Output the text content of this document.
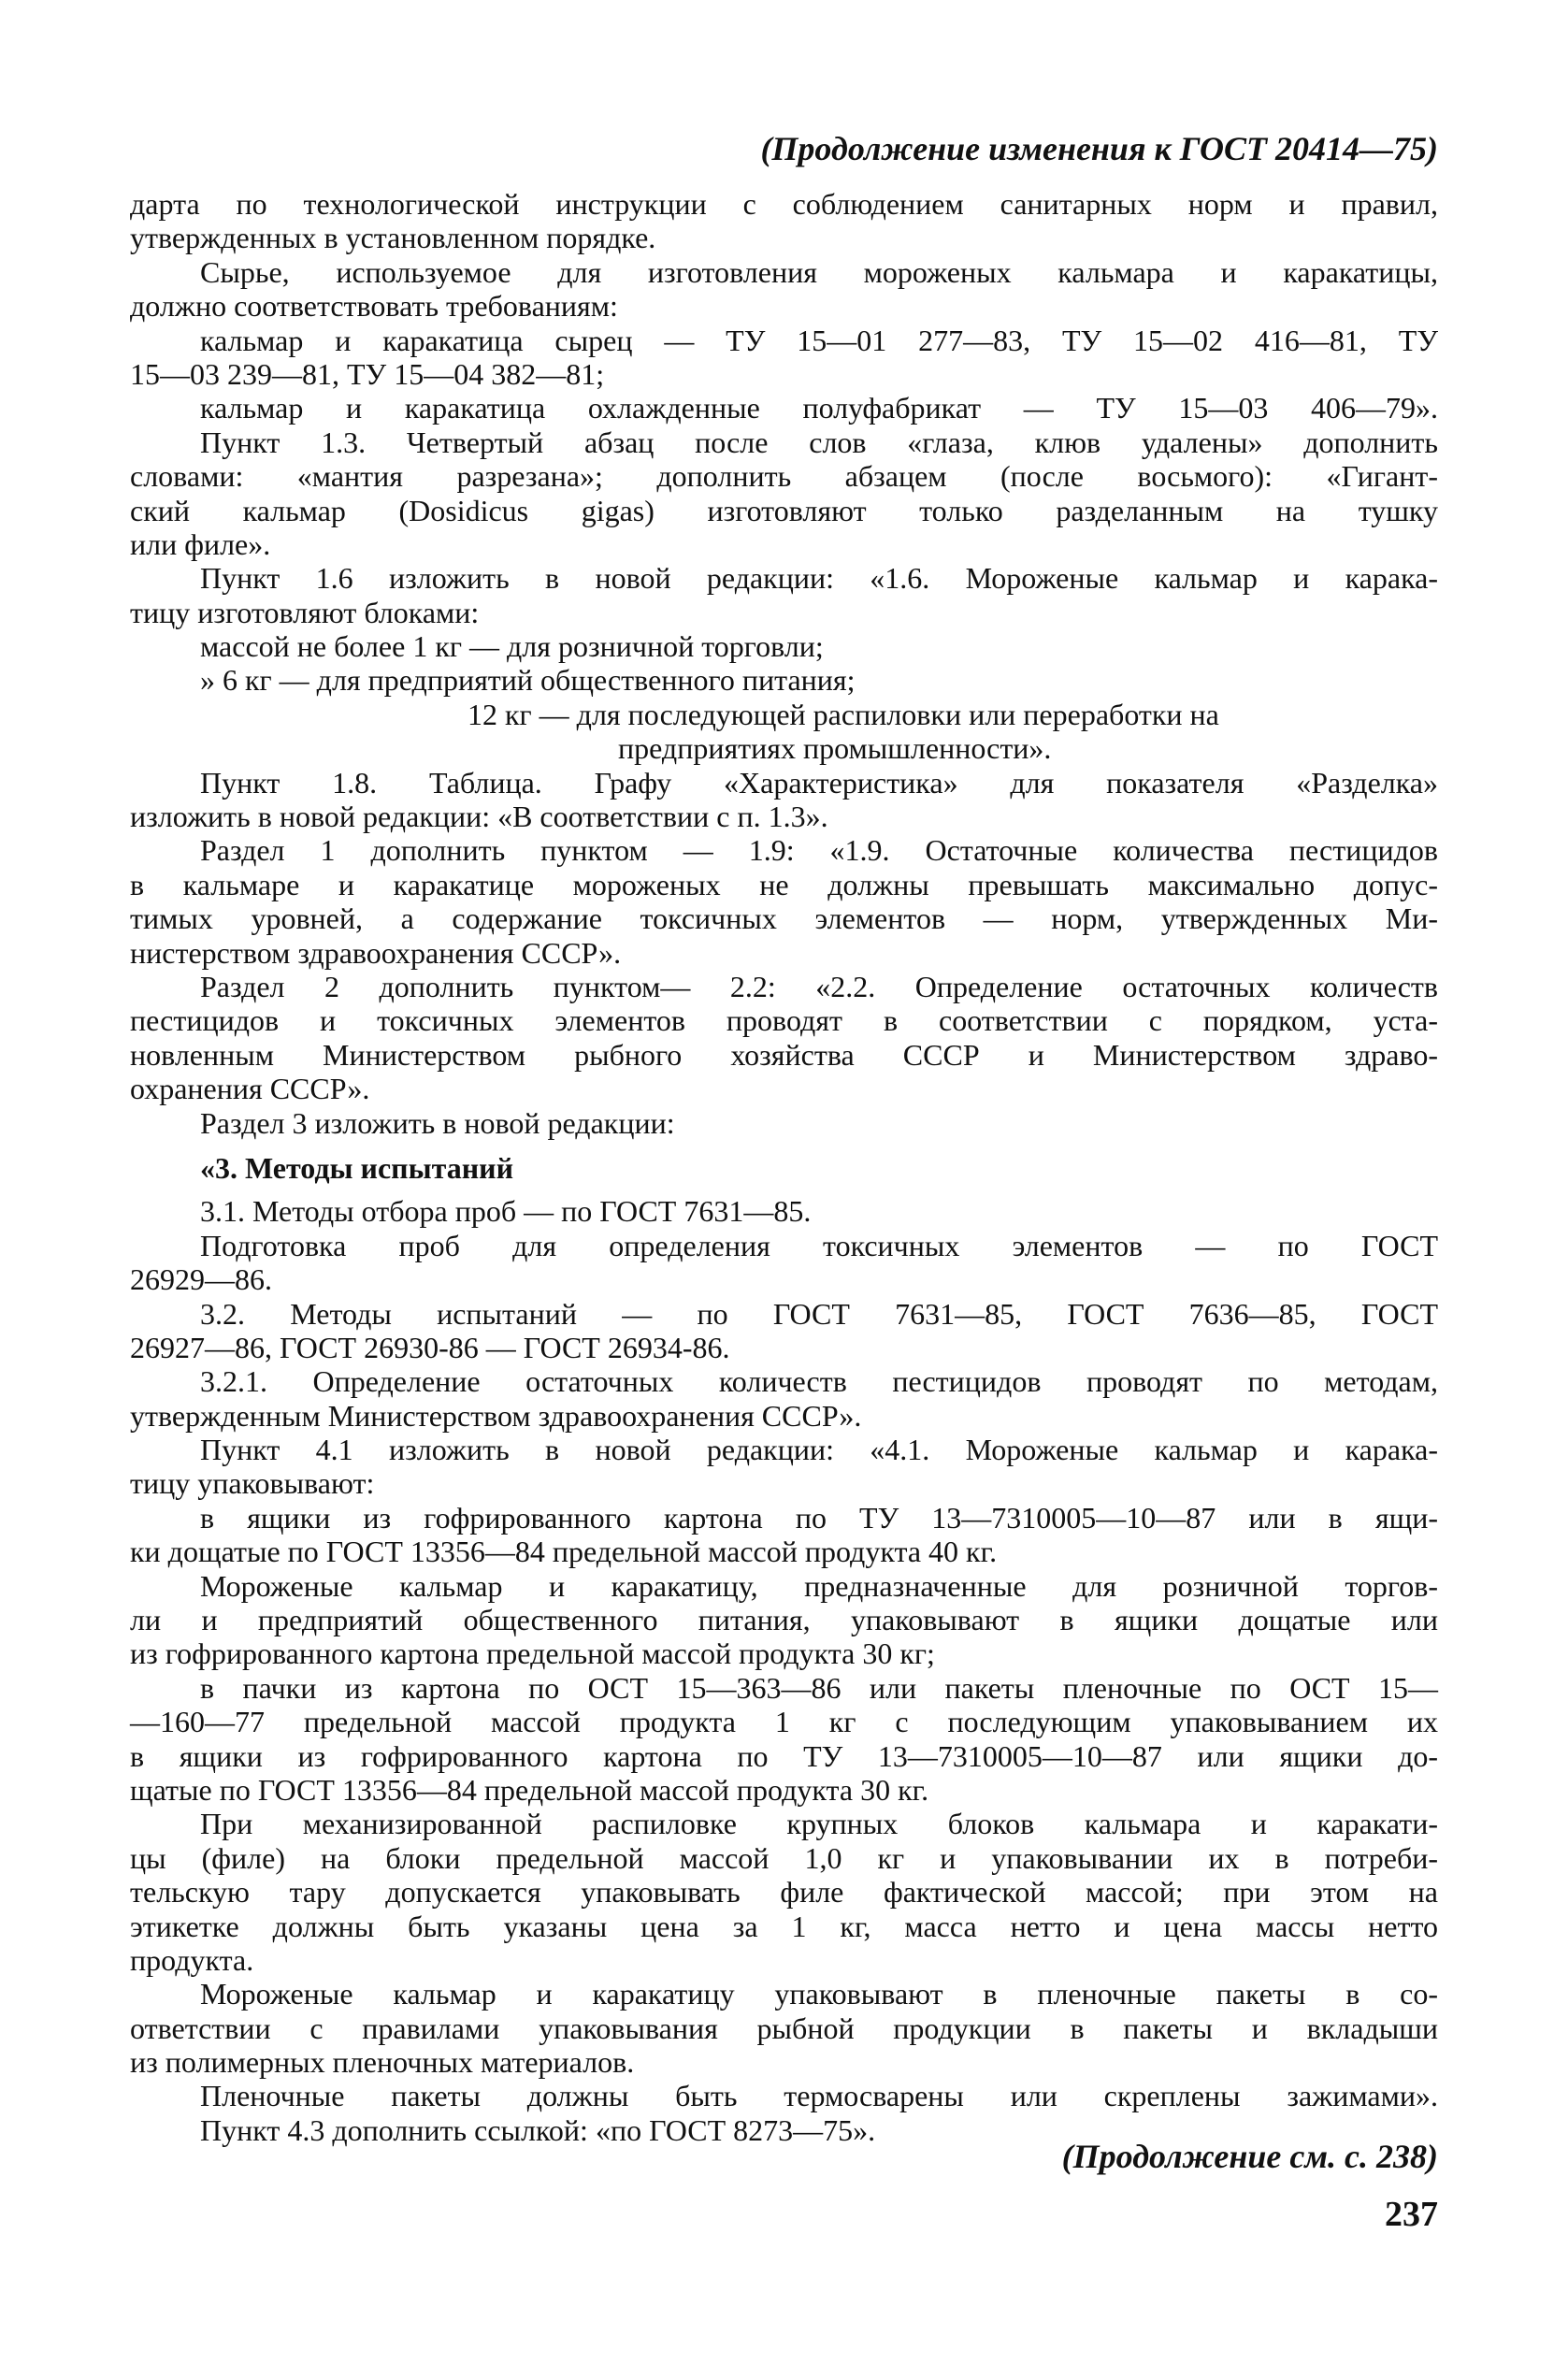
(Продолжение изменения к ГОСТ 20414—75)
дарта по технологической инструкции с соблюдением санитарных норм и правил,
утвержденных в установленном порядке.
Сырье, используемое для изготовления мороженых кальмара и каракатицы,
должно соответствовать требованиям:
кальмар и каракатица сырец — ТУ 15—01 277—83, ТУ 15—02 416—81, ТУ
15—03 239—81, ТУ 15—04 382—81;
кальмар и каракатица охлажденные полуфабрикат — ТУ 15—03 406—79».
Пункт 1.3. Четвертый абзац после слов «глаза, клюв удалены» дополнить
словами: «мантия разрезана»; дополнить абзацем (после восьмого): «Гигант-
ский кальмар (Dosidicus gigas) изготовляют только разделанным на тушку
или филе».
Пункт 1.6 изложить в новой редакции: «1.6. Мороженые кальмар и карака-
тицу изготовляют блоками:
массой не более 1 кг — для розничной торговли;
» 6 кг — для предприятий общественного питания;
12 кг — для последующей распиловки или переработки на
предприятиях промышленности».
Пункт 1.8. Таблица. Графу «Характеристика» для показателя «Разделка»
изложить в новой редакции: «В соответствии с п. 1.3».
Раздел 1 дополнить пунктом — 1.9: «1.9. Остаточные количества пестицидов
в кальмаре и каракатице мороженых не должны превышать максимально допус-
тимых уровней, а содержание токсичных элементов — норм, утвержденных Ми-
нистерством здравоохранения СССР».
Раздел 2 дополнить пунктом— 2.2: «2.2. Определение остаточных количеств
пестицидов и токсичных элементов проводят в соответствии с порядком, уста-
новленным Министерством рыбного хозяйства СССР и Министерством здраво-
охранения СССР».
Раздел 3 изложить в новой редакции:
«3. Методы испытаний
3.1. Методы отбора проб — по ГОСТ 7631—85.
Подготовка проб для определения токсичных элементов — по ГОСТ
26929—86.
3.2. Методы испытаний — по ГОСТ 7631—85, ГОСТ 7636—85, ГОСТ
26927—86, ГОСТ 26930-86 — ГОСТ 26934-86.
3.2.1. Определение остаточных количеств пестицидов проводят по методам,
утвержденным Министерством здравоохранения СССР».
Пункт 4.1 изложить в новой редакции: «4.1. Мороженые кальмар и карака-
тицу упаковывают:
в ящики из гофрированного картона по ТУ 13—7310005—10—87 или в ящи-
ки дощатые по ГОСТ 13356—84 предельной массой продукта 40 кг.
Мороженые кальмар и каракатицу, предназначенные для розничной торгов-
ли и предприятий общественного питания, упаковывают в ящики дощатые или
из гофрированного картона предельной массой продукта 30 кг;
в пачки из картона по ОСТ 15—363—86 или пакеты пленочные по ОСТ 15—
—160—77 предельной массой продукта 1 кг с последующим упаковыванием их
в ящики из гофрированного картона по ТУ 13—7310005—10—87 или ящики до-
щатые по ГОСТ 13356—84 предельной массой продукта 30 кг.
При механизированной распиловке крупных блоков кальмара и каракати-
цы (филе) на блоки предельной массой 1,0 кг и упаковывании их в потреби-
тельскую тару допускается упаковывать филе фактической массой; при этом на
этикетке должны быть указаны цена за 1 кг, масса нетто и цена массы нетто
продукта.
Мороженые кальмар и каракатицу упаковывают в пленочные пакеты в со-
ответствии с правилами упаковывания рыбной продукции в пакеты и вкладыши
из полимерных пленочных материалов.
Пленочные пакеты должны быть термосварены или скреплены зажимами».
Пункт 4.3 дополнить ссылкой: «по ГОСТ 8273—75».
(Продолжение см. с. 238)
237
